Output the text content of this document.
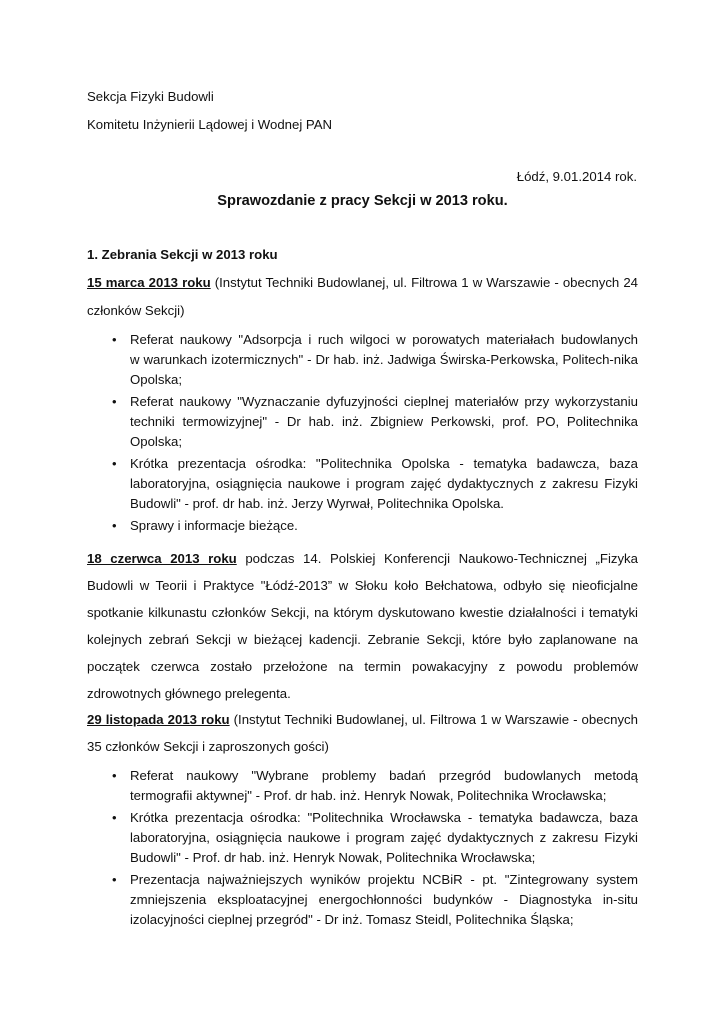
Sekcja Fizyki Budowli
Komitetu Inżynierii Lądowej i Wodnej PAN
Łódź, 9.01.2014 rok.
Sprawozdanie z pracy Sekcji w 2013 roku.
1. Zebrania Sekcji w 2013 roku
15 marca 2013 roku (Instytut Techniki Budowlanej, ul. Filtrowa 1 w Warszawie - obecnych 24
członków Sekcji)
• Referat naukowy "Adsorpcja i ruch wilgoci w porowatych materiałach budowlanych
w warunkach izotermicznych" - Dr hab. inż. Jadwiga Świrska-Perkowska, Politech-nika
Opolska;
• Referat naukowy "Wyznaczanie dyfuzyjności cieplnej materiałów przy wykorzystaniu
techniki termowizyjnej" - Dr hab. inż. Zbigniew Perkowski, prof. PO, Politechnika
Opolska;
• Krótka prezentacja ośrodka: "Politechnika Opolska - tematyka badawcza, baza
laboratoryjna, osiągnięcia naukowe i program zajęć dydaktycznych z zakresu Fizyki
Budowli" - prof. dr hab. inż. Jerzy Wyrwał, Politechnika Opolska.
• Sprawy i informacje bieżące.
18 czerwca 2013 roku podczas 14. Polskiej Konferencji Naukowo-Technicznej „Fizyka
Budowli w Teorii i Praktyce "Łódź-2013” w Słoku koło Bełchatowa, odbyło się nieoficjalne
spotkanie kilkunastu członków Sekcji, na którym dyskutowano kwestie działalności i tematyki
kolejnych zebrań Sekcji w bieżącej kadencji. Zebranie Sekcji, które było zaplanowane na
początek czerwca zostało przełożone na termin powakacyjny z powodu problemów
zdrowotnych głównego prelegenta.
29 listopada 2013 roku (Instytut Techniki Budowlanej, ul. Filtrowa 1 w Warszawie - obecnych
35 członków Sekcji i zaproszonych gości)
• Referat naukowy "Wybrane problemy badań przegród budowlanych metodą
termografii aktywnej" - Prof. dr hab. inż. Henryk Nowak, Politechnika Wrocławska;
• Krótka prezentacja ośrodka: "Politechnika Wrocławska - tematyka badawcza, baza
laboratoryjna, osiągnięcia naukowe i program zajęć dydaktycznych z zakresu Fizyki
Budowli" - Prof. dr hab. inż. Henryk Nowak, Politechnika Wrocławska;
• Prezentacja najważniejszych wyników projektu NCBiR - pt. "Zintegrowany system
zmniejszenia eksploatacyjnej energochłonności budynków - Diagnostyka in-situ
izolacyjności cieplnej przegród" - Dr inż. Tomasz Steidl, Politechnika Śląska;
